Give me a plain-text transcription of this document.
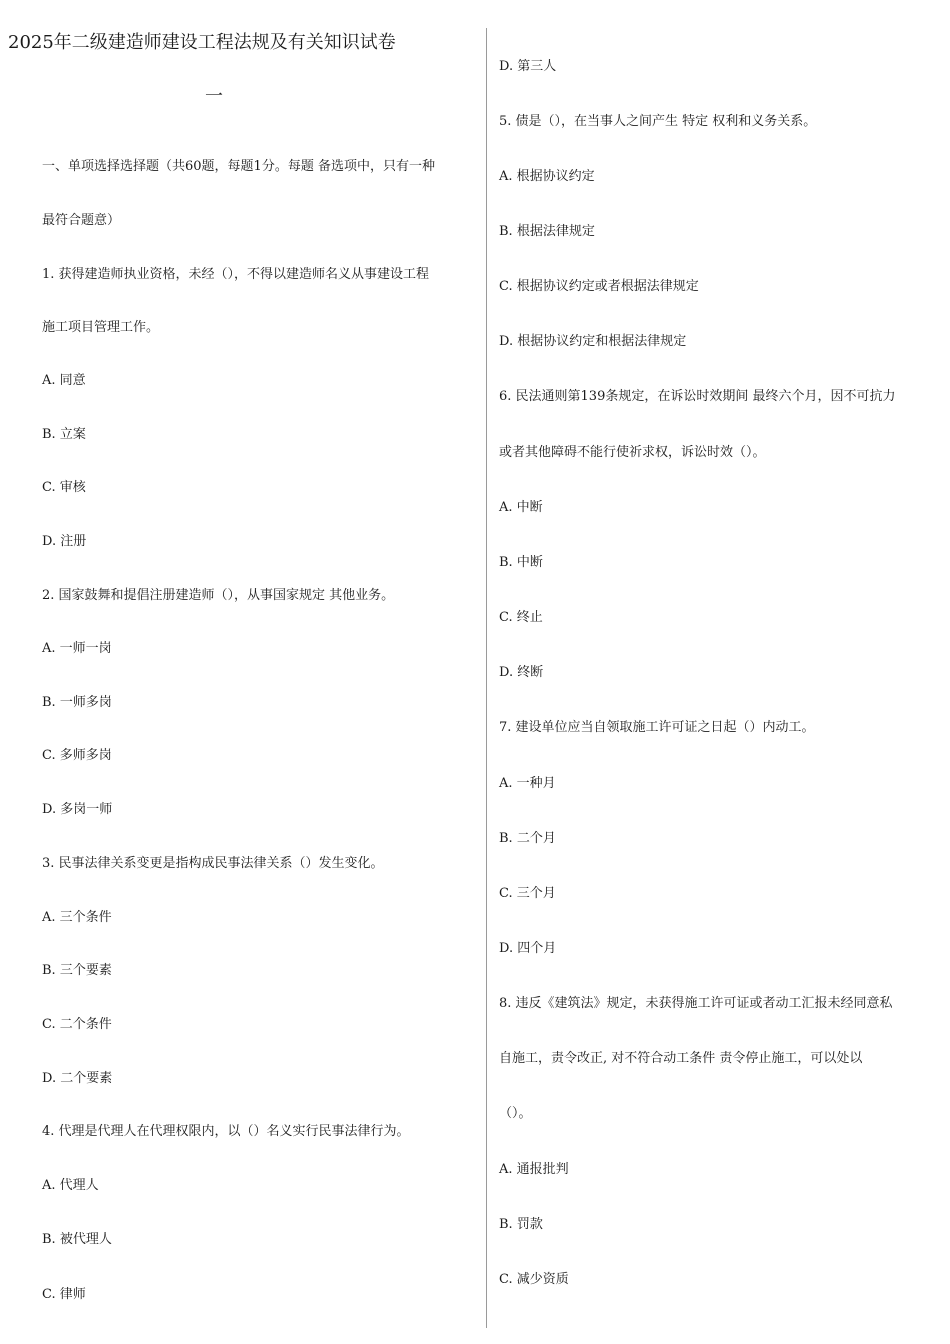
2025年二级建造师建设工程法规及有关知识试卷
一
一、单项选择选择题（共60题，每题1分。每题 备选项中，只有一种
最符合题意）
1. 获得建造师执业资格，未经（），不得以建造师名义从事建设工程
施工项目管理工作。
A. 同意
B. 立案
C. 审核
D. 注册
2. 国家鼓舞和提倡注册建造师（），从事国家规定 其他业务。
A. 一师一岗
B. 一师多岗
C. 多师多岗
D. 多岗一师
3. 民事法律关系变更是指构成民事法律关系（）发生变化。
A. 三个条件
B. 三个要素
C. 二个条件
D. 二个要素
4. 代理是代理人在代理权限内，以（）名义实行民事法律行为。
A. 代理人
B. 被代理人
C. 律师
D. 第三人
5. 债是（），在当事人之间产生 特定 权利和义务关系。
A. 根据协议约定
B. 根据法律规定
C. 根据协议约定或者根据法律规定
D. 根据协议约定和根据法律规定
6. 民法通则第139条规定，在诉讼时效期间 最终六个月，因不可抗力
或者其他障碍不能行使祈求权，诉讼时效（）。
A. 中断
B. 中断
C. 终止
D. 终断
7. 建设单位应当自领取施工许可证之日起（）内动工。
A. 一种月
B. 二个月
C. 三个月
D. 四个月
8. 违反《建筑法》规定，未获得施工许可证或者动工汇报未经同意私
自施工，责令改正, 对不符合动工条件 责令停止施工，可以处以
（）。
A. 通报批判
B. 罚款
C. 减少资质
